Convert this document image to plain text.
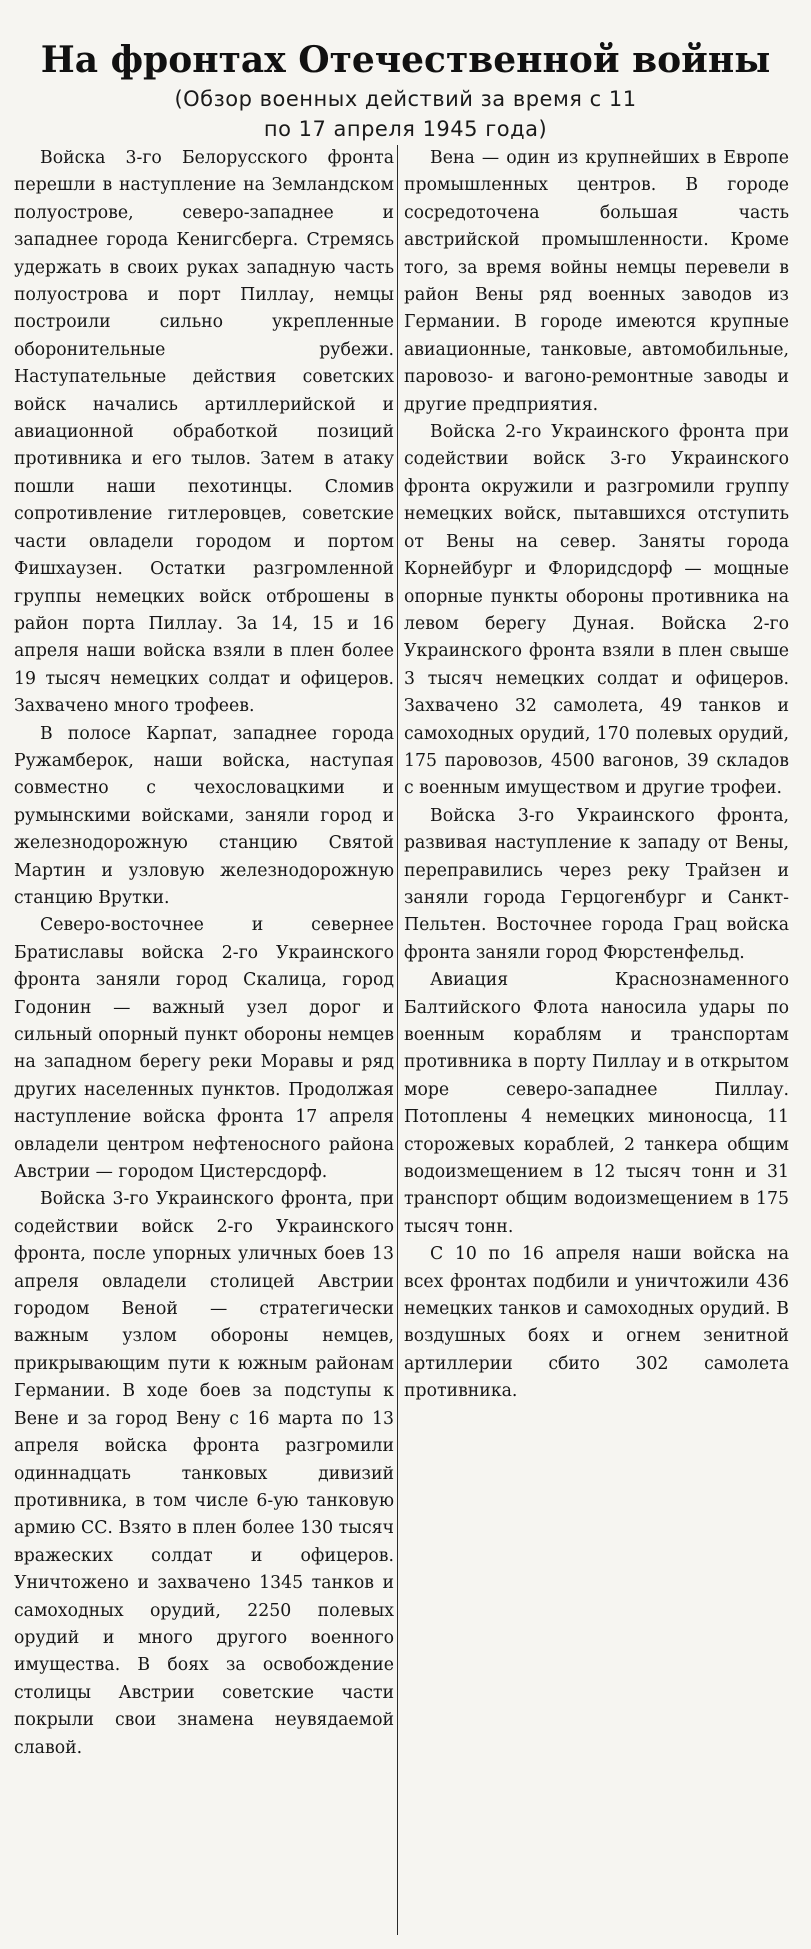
На фронтах Отечественной войны
(Обзор военных действий за время с 11
по 17 апреля 1945 года)

Войска 3-го Белорусского фронта перешли в наступление на Земландском полуострове, северо-западнее и западнее города Кенигсберга. Стремясь удержать в своих руках западную часть полуострова и порт Пиллау, немцы построили сильно укрепленные оборонительные рубежи. Наступательные действия советских войск начались артиллерийской и авиационной обработкой позиций противника и его тылов. Затем в атаку пошли наши пехотинцы. Сломив сопротивление гитлеровцев, советские части овладели городом и портом Фишхаузен. Остатки разгромленной группы немецких войск отброшены в район порта Пиллау. За 14, 15 и 16 апреля наши войска взяли в плен более 19 тысяч немецких солдат и офицеров. Захвачено много трофеев.

В полосе Карпат, западнее города Ружамберок, наши войска, наступая совместно с чехословацкими и румынскими войсками, заняли город и железнодорожную станцию Святой Мартин и узловую железнодорожную станцию Врутки.

Северо-восточнее и севернее Братиславы войска 2-го Украинского фронта заняли город Скалица, город Годонин — важный узел дорог и сильный опорный пункт обороны немцев на западном берегу реки Моравы и ряд других населенных пунктов. Продолжая наступление войска фронта 17 апреля овладели центром нефтеносного района Австрии — городом Цистерсдорф.

Войска 3-го Украинского фронта, при содействии войск 2-го Украинского фронта, после упорных уличных боев 13 апреля овладели столицей Австрии городом Веной — стратегически важным узлом обороны немцев, прикрывающим пути к южным районам Германии. В ходе боев за подступы к Вене и за город Вену с 16 марта по 13 апреля войска фронта разгромили одиннадцать танковых дивизий противника, в том числе 6-ую танковую армию СС. Взято в плен более 130 тысяч вражеских солдат и офицеров. Уничтожено и захвачено 1345 танков и самоходных орудий, 2250 полевых орудий и много другого военного имущества. В боях за освобождение столицы Австрии советские части покрыли свои знамена неувядаемой славой.

Вена — один из крупнейших в Европе промышленных центров. В городе сосредоточена большая часть австрийской промышленности. Кроме того, за время войны немцы перевели в район Вены ряд военных заводов из Германии. В городе имеются крупные авиационные, танковые, автомобильные, паровозо- и вагоно-ремонтные заводы и другие предприятия.

Войска 2-го Украинского фронта при содействии войск 3-го Украинского фронта окружили и разгромили группу немецких войск, пытавшихся отступить от Вены на север. Заняты города Корнейбург и Флоридсдорф — мощные опорные пункты обороны противника на левом берегу Дуная. Войска 2-го Украинского фронта взяли в плен свыше 3 тысяч немецких солдат и офицеров. Захвачено 32 самолета, 49 танков и самоходных орудий, 170 полевых орудий, 175 паровозов, 4500 вагонов, 39 складов с военным имуществом и другие трофеи.

Войска 3-го Украинского фронта, развивая наступление к западу от Вены, переправились через реку Трайзен и заняли города Герцогенбург и Санкт-Пельтен. Восточнее города Грац войска фронта заняли город Фюрстенфельд.

Авиация Краснознаменного Балтийского Флота наносила удары по военным кораблям и транспортам противника в порту Пиллау и в открытом море северо-западнее Пиллау. Потоплены 4 немецких миноносца, 11 сторожевых кораблей, 2 танкера общим водоизмещением в 12 тысяч тонн и 31 транспорт общим водоизмещением в 175 тысяч тонн.

С 10 по 16 апреля наши войска на всех фронтах подбили и уничтожили 436 немецких танков и самоходных орудий. В воздушных боях и огнем зенитной артиллерии сбито 302 самолета противника.
